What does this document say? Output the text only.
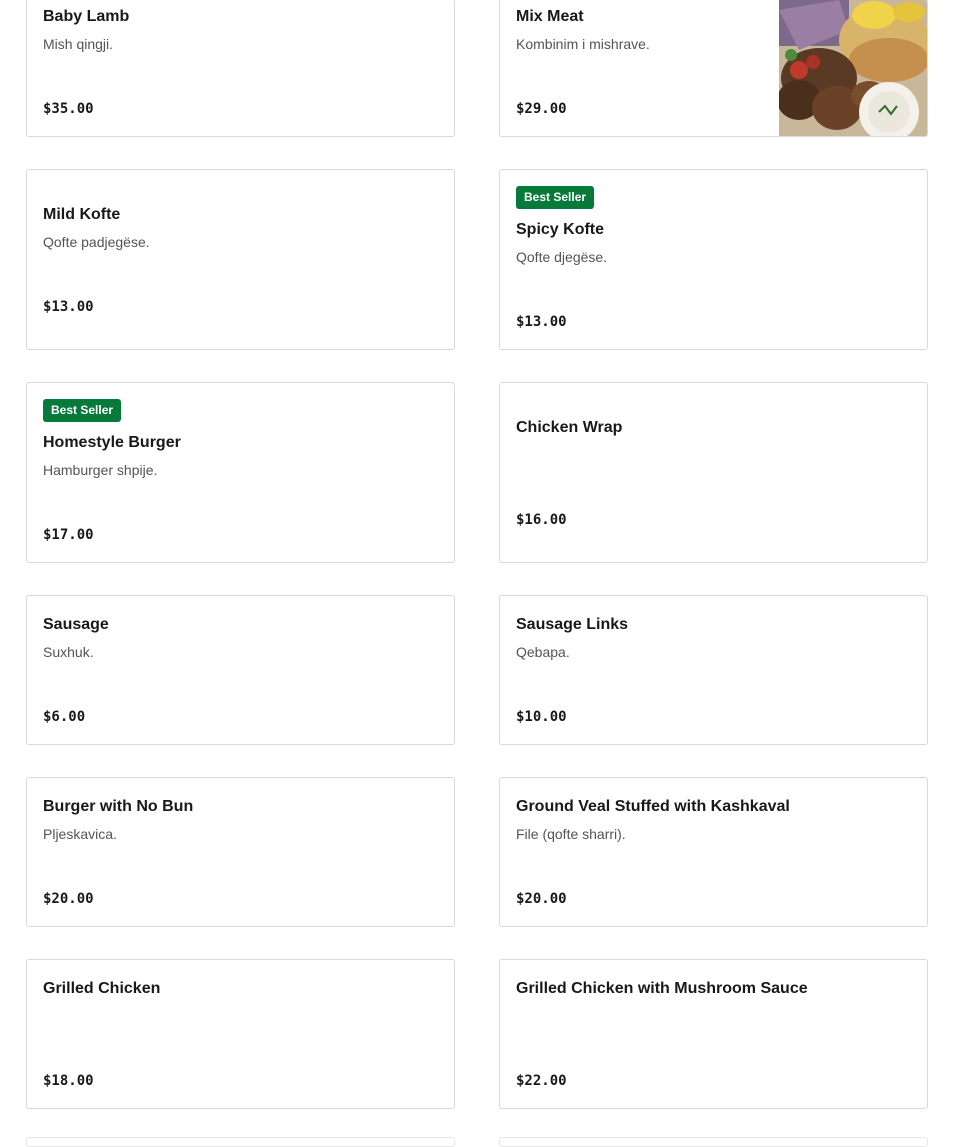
Baby Lamb
Mish qingji.
$35.00
Mix Meat
Kombinim i mishrave.
$29.00
Mild Kofte
Qofte padjegëse.
$13.00
Best Seller
Spicy Kofte
Qofte djegëse.
$13.00
Best Seller
Homestyle Burger
Hamburger shpije.
$17.00
Chicken Wrap
$16.00
Sausage
Suxhuk.
$6.00
Sausage Links
Qebapa.
$10.00
Burger with No Bun
Pljeskavica.
$20.00
Ground Veal Stuffed with Kashkaval
File (qofte sharri).
$20.00
Grilled Chicken
$18.00
Grilled Chicken with Mushroom Sauce
$22.00
